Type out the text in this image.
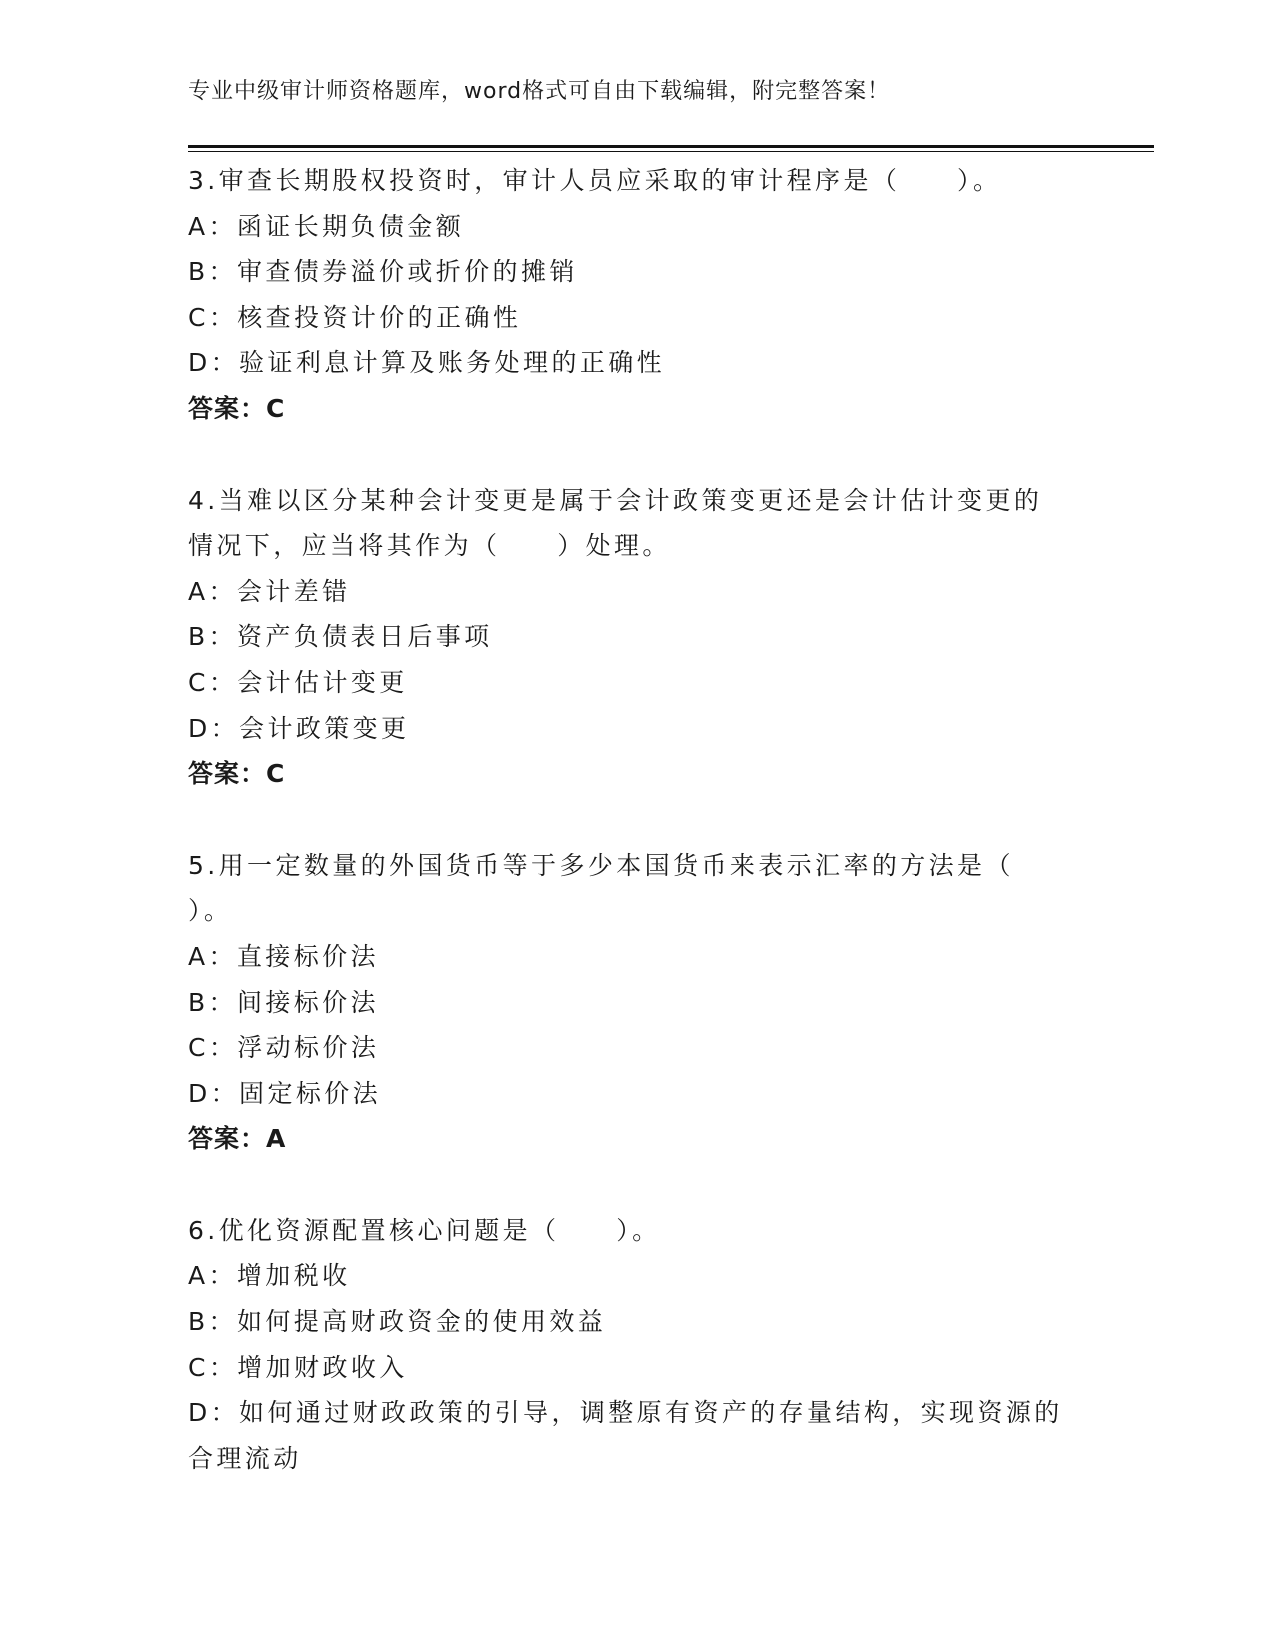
专业中级审计师资格题库，word格式可自由下载编辑，附完整答案！
3.审查长期股权投资时，审计人员应采取的审计程序是（　　）。
A：函证长期负债金额
B：审查债券溢价或折价的摊销
C：核查投资计价的正确性
D：验证利息计算及账务处理的正确性
答案：C
4.当难以区分某种会计变更是属于会计政策变更还是会计估计变更的
情况下，应当将其作为（　　）处理。
A：会计差错
B：资产负债表日后事项
C：会计估计变更
D：会计政策变更
答案：C
5.用一定数量的外国货币等于多少本国货币来表示汇率的方法是（
）。
A：直接标价法
B：间接标价法
C：浮动标价法
D：固定标价法
答案：A
6.优化资源配置核心问题是（　　）。
A：增加税收
B：如何提高财政资金的使用效益
C：增加财政收入
D：如何通过财政政策的引导，调整原有资产的存量结构，实现资源的
合理流动
